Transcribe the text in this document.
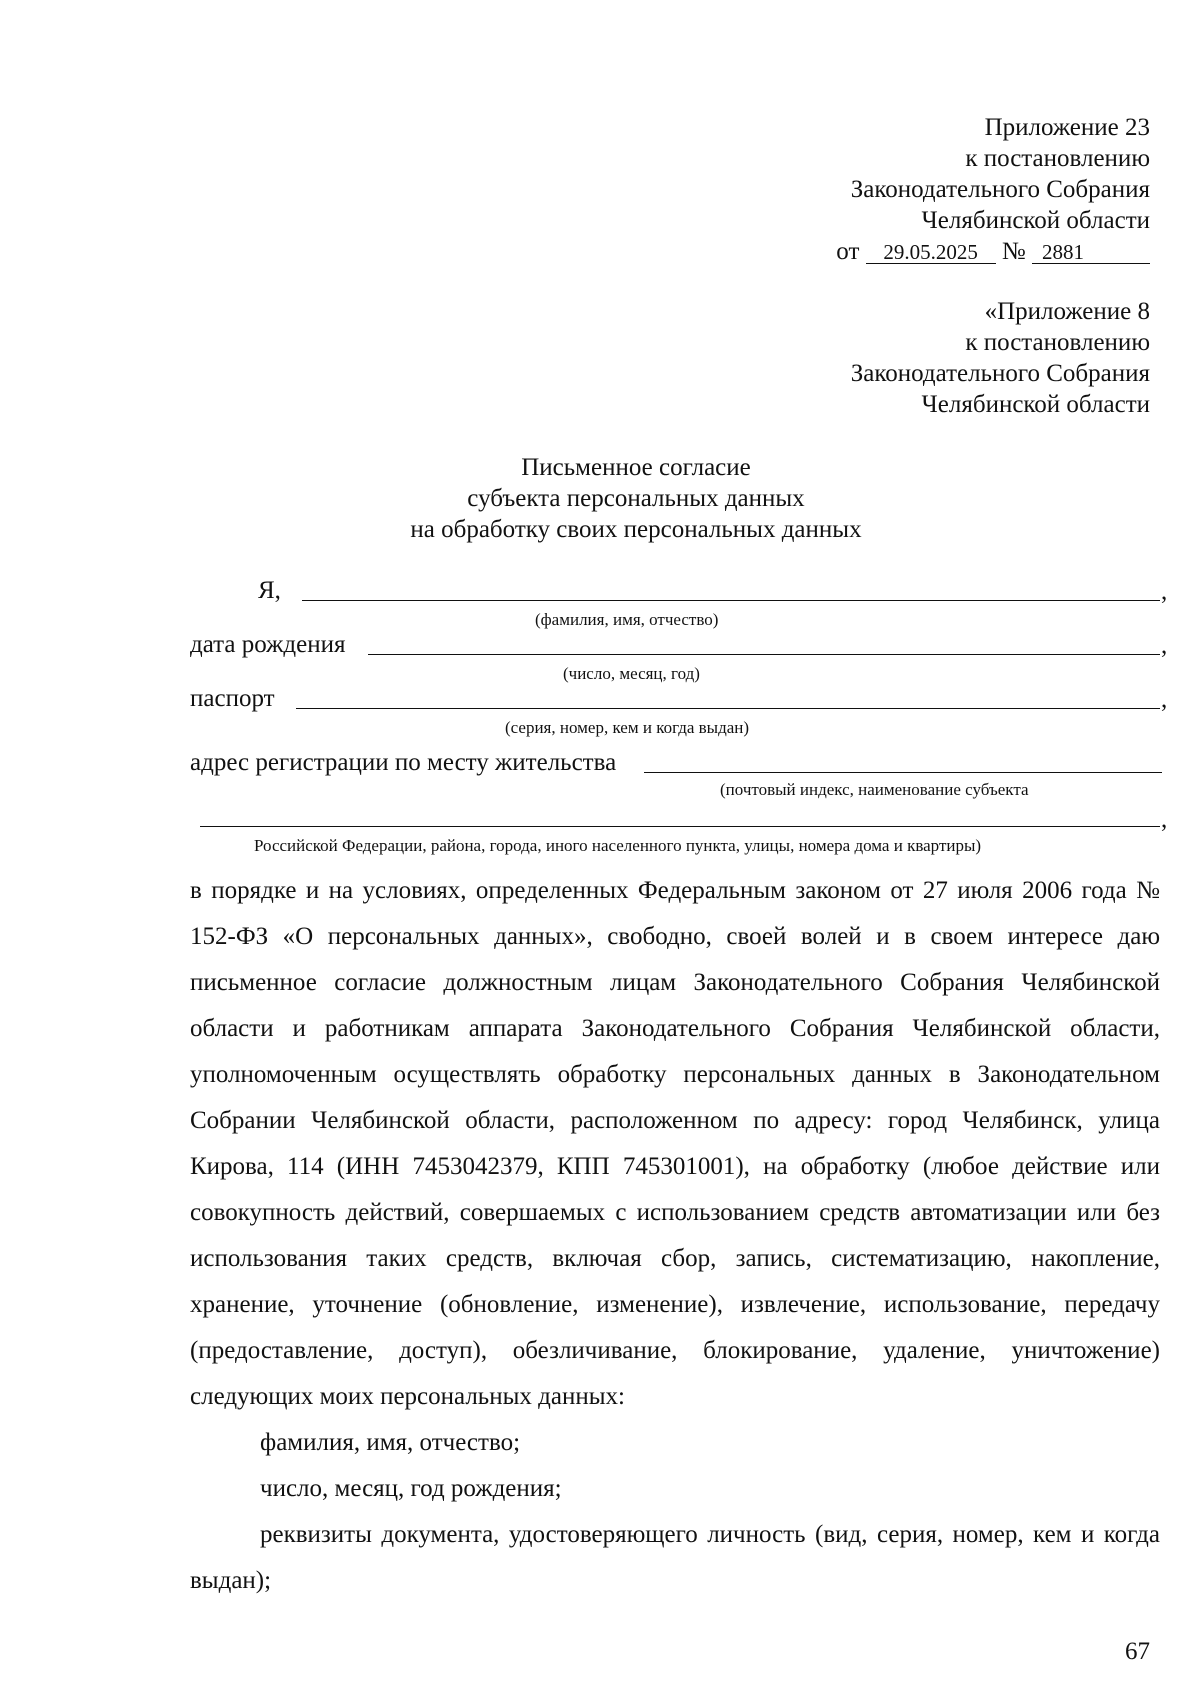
Приложение 23
к постановлению
Законодательного Собрания
Челябинской области
от 29.05.2025 № 2881
«Приложение 8
к постановлению
Законодательного Собрания
Челябинской области
Письменное согласие
субъекта персональных данных
на обработку своих персональных данных
Я,	,
(фамилия, имя, отчество)
дата рождения	,
(число, месяц, год)
паспорт	,
(серия, номер, кем и когда выдан)
адрес регистрации по месту жительства
(почтовый индекс, наименование субъекта
,
Российской Федерации, района, города, иного населенного пункта, улицы, номера дома и квартиры)

в порядке и на условиях, определенных Федеральным законом от 27 июля 2006 года № 152-ФЗ «О персональных данных», свободно, своей волей и в своем интересе даю письменное согласие должностным лицам Законодательного Собрания Челябинской области и работникам аппарата Законодательного Собрания Челябинской области, уполномоченным осуществлять обработку персональных данных в Законодательном Собрании Челябинской области, расположенном по адресу: город Челябинск, улица Кирова, 114 (ИНН 7453042379, КПП 745301001), на обработку (любое действие или совокупность действий, совершаемых с использованием средств автоматизации или без использования таких средств, включая сбор, запись, систематизацию, накопление, хранение, уточнение (обновление, изменение), извлечение, использование, передачу (предоставление, доступ), обезличивание, блокирование, удаление, уничтожение) следующих моих персональных данных:

фамилия, имя, отчество;

число, месяц, год рождения;

реквизиты документа, удостоверяющего личность (вид, серия, номер, кем и когда выдан);

67
